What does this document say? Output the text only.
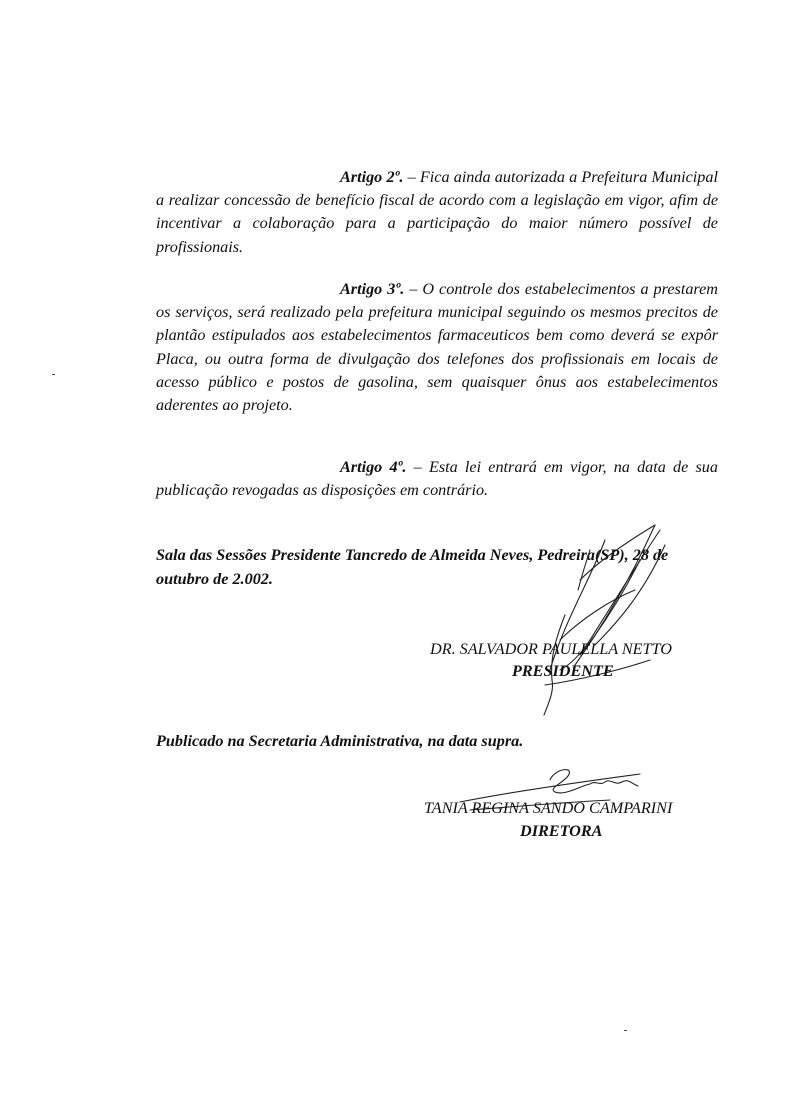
Artigo 2º. – Fica ainda autorizada a Prefeitura Municipal a realizar concessão de benefício fiscal de acordo com a legislação em vigor, afim de incentivar a colaboração para a participação do maior número possível de profissionais.

Artigo 3º. – O controle dos estabelecimentos a prestarem os serviços, será realizado pela prefeitura municipal seguindo os mesmos precitos de plantão estipulados aos estabelecimentos farmaceuticos bem como deverá se expôr Placa, ou outra forma de divulgação dos telefones dos profissionais em locais de acesso público e postos de gasolina, sem quaisquer ônus aos estabelecimentos aderentes ao projeto.

Artigo 4º. – Esta lei entrará em vigor, na data de sua publicação revogadas as disposições em contrário.

Sala das Sessões Presidente Tancredo de Almeida Neves, Pedreira(SP), 28 de outubro de 2.002.

DR. SALVADOR PAULELLA NETTO

PRESIDENTE

Publicado na Secretaria Administrativa, na data supra.

TANIA REGINA SANDO CAMPARINI

DIRETORA
